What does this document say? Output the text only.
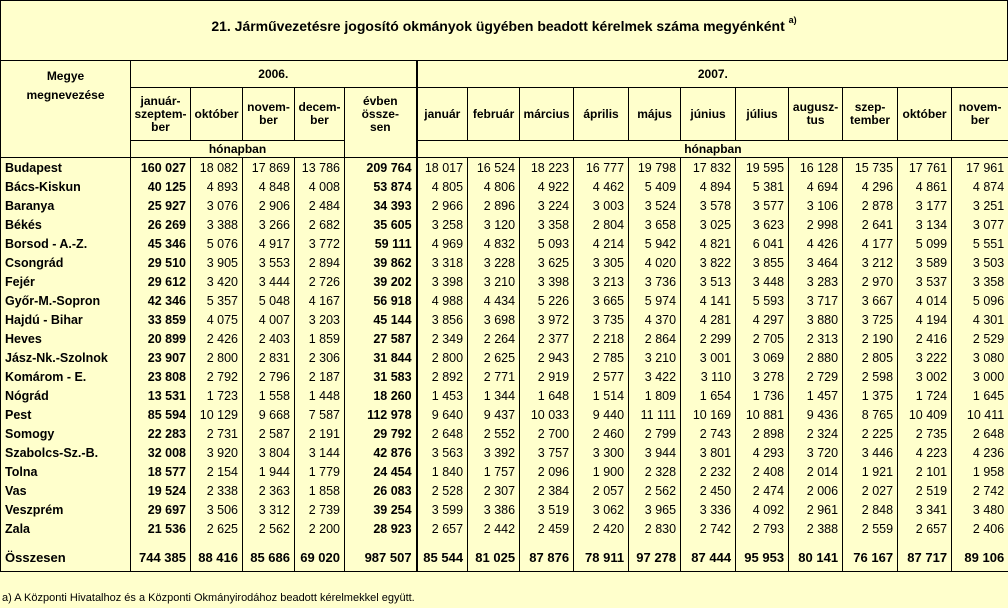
21. Járművezetésre jogosító okmányok ügyében beadott kérelmek száma megyénként $^{a)}$
Megye
megnevezése	2006.					2007.										
	január-
szeptem-
ber	október	novem-
ber	decem-
ber	évben
össze-
sen	január	február	március	április	május	június	július	augusz-
tus	szep-
tember	október	novem-
ber
	hónapban					hónapban										
Budapest	160 027	18 082	17 869	13 786	209 764	18 017	16 524	18 223	16 777	19 798	17 832	19 595	16 128	15 735	17 761	17 961
Bács-Kiskun	40 125	4 893	4 848	4 008	53 874	4 805	4 806	4 922	4 462	5 409	4 894	5 381	4 694	4 296	4 861	4 874
Baranya	25 927	3 076	2 906	2 484	34 393	2 966	2 896	3 224	3 003	3 524	3 578	3 577	3 106	2 878	3 177	3 251
Békés	26 269	3 388	3 266	2 682	35 605	3 258	3 120	3 358	2 804	3 658	3 025	3 623	2 998	2 641	3 134	3 077
Borsod - A.-Z.	45 346	5 076	4 917	3 772	59 111	4 969	4 832	5 093	4 214	5 942	4 821	6 041	4 426	4 177	5 099	5 551
Csongrád	29 510	3 905	3 553	2 894	39 862	3 318	3 228	3 625	3 305	4 020	3 822	3 855	3 464	3 212	3 589	3 503
Fejér	29 612	3 420	3 444	2 726	39 202	3 398	3 210	3 398	3 213	3 736	3 513	3 448	3 283	2 970	3 537	3 358
Győr-M.-Sopron	42 346	5 357	5 048	4 167	56 918	4 988	4 434	5 226	3 665	5 974	4 141	5 593	3 717	3 667	4 014	5 096
Hajdú - Bihar	33 859	4 075	4 007	3 203	45 144	3 856	3 698	3 972	3 735	4 370	4 281	4 297	3 880	3 725	4 194	4 301
Heves	20 899	2 426	2 403	1 859	27 587	2 349	2 264	2 377	2 218	2 864	2 299	2 705	2 313	2 190	2 416	2 529
Jász-Nk.-Szolnok	23 907	2 800	2 831	2 306	31 844	2 800	2 625	2 943	2 785	3 210	3 001	3 069	2 880	2 805	3 222	3 080
Komárom - E.	23 808	2 792	2 796	2 187	31 583	2 892	2 771	2 919	2 577	3 422	3 110	3 278	2 729	2 598	3 002	3 000
Nógrád	13 531	1 723	1 558	1 448	18 260	1 453	1 344	1 648	1 514	1 809	1 654	1 736	1 457	1 375	1 724	1 645
Pest	85 594	10 129	9 668	7 587	112 978	9 640	9 437	10 033	9 440	11 111	10 169	10 881	9 436	8 765	10 409	10 411
Somogy	22 283	2 731	2 587	2 191	29 792	2 648	2 552	2 700	2 460	2 799	2 743	2 898	2 324	2 225	2 735	2 648
Szabolcs-Sz.-B.	32 008	3 920	3 804	3 144	42 876	3 563	3 392	3 757	3 300	3 944	3 801	4 293	3 720	3 446	4 223	4 236
Tolna	18 577	2 154	1 944	1 779	24 454	1 840	1 757	2 096	1 900	2 328	2 232	2 408	2 014	1 921	2 101	1 958
Vas	19 524	2 338	2 363	1 858	26 083	2 528	2 307	2 384	2 057	2 562	2 450	2 474	2 006	2 027	2 519	2 742
Veszprém	29 697	3 506	3 312	2 739	39 254	3 599	3 386	3 519	3 062	3 965	3 336	4 092	2 961	2 848	3 341	3 480
Zala	21 536	2 625	2 562	2 200	28 923	2 657	2 442	2 459	2 420	2 830	2 742	2 793	2 388	2 559	2 657	2 406

Összesen	744 385	88 416	85 686	69 020	987 507	85 544	81 025	87 876	78 911	97 278	87 444	95 953	80 141	76 167	87 717	89 106
a) A Központi Hivatalhoz és a Központi Okmányirodához beadott kérelmekkel együtt.
